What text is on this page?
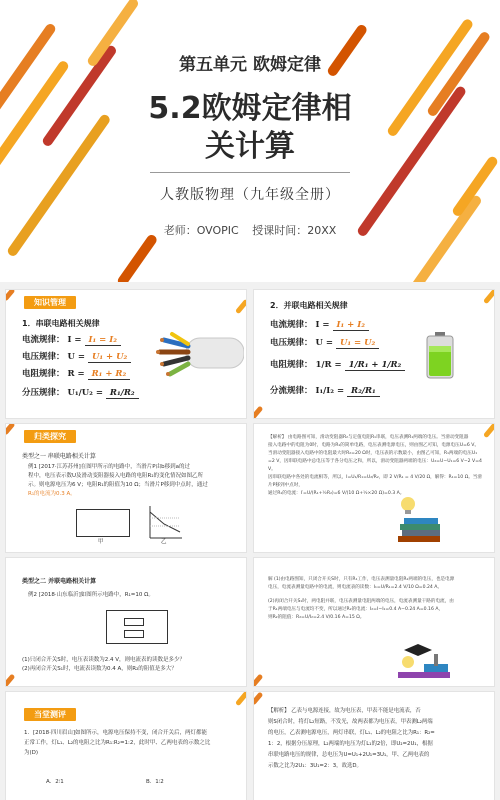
第五单元 欧姆定律
5.2欧姆定律相
关计算
人教版物理（九年级全册）
老师：OVOPIC 授课时间：20XX
知识管理
1．串联电路相关规律
电流规律： I = I₁ = I₂
电压规律： U = U₁ + U₂
电阻规律： R = R₁ + R₂
分压规律： U₁/U₂ = R₁/R₂
2．并联电路相关规律
电流规律： I = I₁ + I₂
电压规律： U = U₁ = U₂
电阻规律： 1/R = 1/R₁ + 1/R₂
分流规律： I₁/I₂ = R₂/R₁
归类探究
类型之一 串联电路相关计算
例1 [2017·江苏苏州]在图甲所示的电路中，当滑片P由b移到a的过
程中，电压表示数U及滑动变阻器接入电路的电阻R₂的变化情况如图乙所
示。则电源电压为6 V；电阻R₁的阻值为10 Ω；当滑片P移到中点时，通过
R₁的电流为0.3 A。
甲	乙
【解析】 由电路图可知，滑动变阻器R₂与定值电阻R₁串联，电压表测R₁两端的电压。当滑动变阻器
接入电路中的电阻为0时，电路为R₁的简单电路，电压表测电源电压，则由图乙可知，电源电压U=6 V。
当滑动变阻器接入电路中的电阻最大时R₂=20 Ω时，电压表的示数最小，由图乙可知，R₁两端的电压U₁
=2 V，因串联电路中总电压等于各分电压之和，所以，滑动变阻器两端的电压：U₂=U−U₁=6 V−2 V=4 V。
因串联电路中各处的电流相等，所以，I=U₁/R₁=U₂/R₂，即 2 V/R₁ = 4 V/20 Ω，解得：R₁=10 Ω。当滑片P移到中点时，
通过R₁的电流：I′=U/(R₁+½R₂)=6 V/(10 Ω+½×20 Ω)=0.3 A。
类型之二 并联电路相关计算
例2 [2018·山东临沂]如图所示电路中，R₁=10 Ω。
(1)只闭合开关S时，电压表读数为2.4 V，则电流表的读数是多少？
(2)再闭合开关S₁时，电流表读数为0.4 A，则R₂的阻值是多大？
解 (1)由电路图知，只闭合开关S时，只有R₁工作，电压表测量电阻R₁两端的电压，也是电源
电压，电流表测量电路中的电流，则电流表的读数：I₁=U/R₁=2.4 V/10 Ω=0.24 A。
(2)再闭合开关S₁时，两电阻并联，电压表测量电阻两端的电压，电流表测量干路的电流，由
于R₁两端电压与电流均不变，所以通过R₂的电流：I₂=I−I₁=0.4 A−0.24 A=0.16 A，
则R₂的阻值：R₂=U/I₂=2.4 V/0.16 A=15 Ω。
当堂测评
1．[2018·四川眉山]如图所示，电源电压保持不变，闭合开关后，两灯都能
正常工作，灯L₁、L₂的电阻之比为R₁:R₂=1:2，此时甲、乙两电表的示数之比
为(D)
A．2∶1	B．1∶2
【解析】 乙表与电源连接，故为电压表，甲表不能是电流表，否
则S闭合时，将灯L₂短路，不发光，故两表都为电压表，甲表测L₂两端
的电压，乙表测电源电压，两灯串联，灯L₁、L₂的电阻之比为R₁：R₂=
1：2，根据分压原理，L₂两端的电压为灯L₁的2倍，即U₂=2U₁，根据
串联电路电压的规律，总电压为U=U₁+2U₁=3U₁，甲、乙两电表的
示数之比为2U₁：3U₁=2：3，故选D。
